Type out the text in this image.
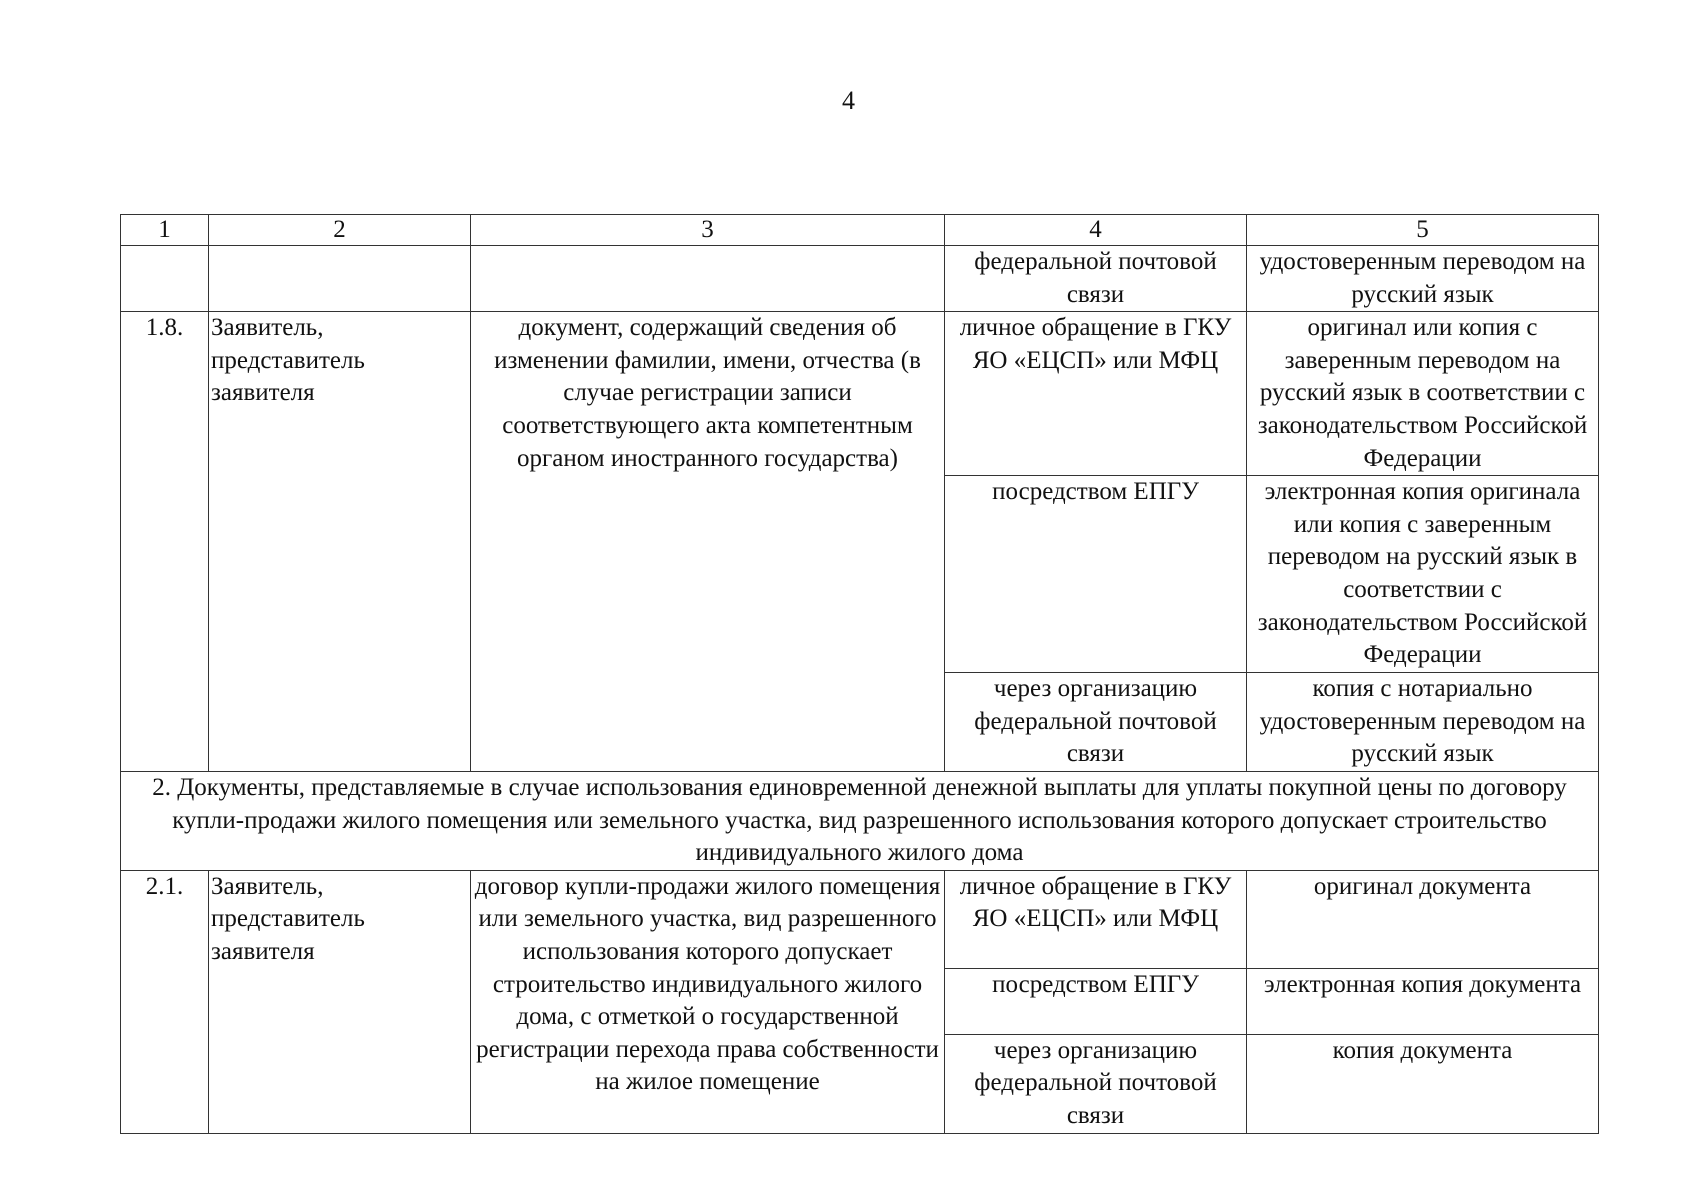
4
1	2	3	4	5
			федеральной почтовой связи	удостоверенным переводом на русский язык
1.8.	Заявитель, представитель заявителя	документ, содержащий сведения об изменении фамилии, имени, отчества (в случае регистрации записи соответствующего акта компетентным органом иностранного государства)	личное обращение в ГКУ ЯО «ЕЦСП» или МФЦ	оригинал или копия с заверенным переводом на русский язык в соответствии с законодательством Российской Федерации
			посредством ЕПГУ	электронная копия оригинала или копия с заверенным переводом на русский язык в соответствии с законодательством Российской Федерации
			через организацию федеральной почтовой связи	копия с нотариально удостоверенным переводом на русский язык
2. Документы, представляемые в случае использования единовременной денежной выплаты для уплаты покупной цены по договору купли-продажи жилого помещения или земельного участка, вид разрешенного использования которого допускает строительство индивидуального жилого дома				
2.1.	Заявитель, представитель заявителя	договор купли-продажи жилого помещения или земельного участка, вид разрешенного использования которого допускает строительство индивидуального жилого дома, с отметкой о государственной регистрации перехода права собственности на жилое помещение	личное обращение в ГКУ ЯО «ЕЦСП» или МФЦ	оригинал документа
			посредством ЕПГУ	электронная копия документа
			через организацию федеральной почтовой связи	копия документа
